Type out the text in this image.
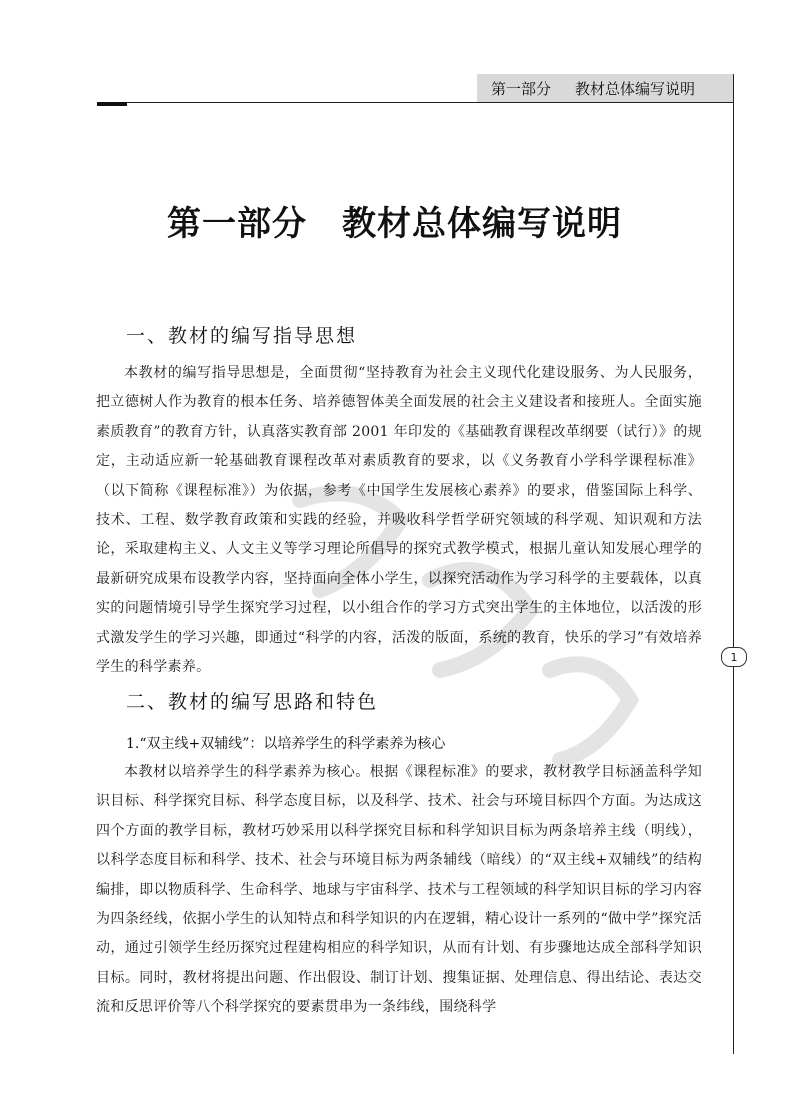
第一部分 教材总体编写说明
1
第一部分　教材总体编写说明
一、教材的编写指导思想
本教材的编写指导思想是，全面贯彻“坚持教育为社会主义现代化建设服务、为人民服务，把立德树人作为教育的根本任务、培养德智体美全面发展的社会主义建设者和接班人。全面实施素质教育”的教育方针，认真落实教育部 2001 年印发的《基础教育课程改革纲要（试行）》的规定，主动适应新一轮基础教育课程改革对素质教育的要求，以《义务教育小学科学课程标准》（以下简称《课程标准》）为依据，参考《中国学生发展核心素养》的要求，借鉴国际上科学、技术、工程、数学教育政策和实践的经验，并吸收科学哲学研究领域的科学观、知识观和方法论，采取建构主义、人文主义等学习理论所倡导的探究式教学模式，根据儿童认知发展心理学的最新研究成果布设教学内容，坚持面向全体小学生，以探究活动作为学习科学的主要载体，以真实的问题情境引导学生探究学习过程，以小组合作的学习方式突出学生的主体地位，以活泼的形式激发学生的学习兴趣，即通过“科学的内容，活泼的版面，系统的教育，快乐的学习”有效培养学生的科学素养。
二、教材的编写思路和特色
1.“双主线+双辅线”：以培养学生的科学素养为核心
本教材以培养学生的科学素养为核心。根据《课程标准》的要求，教材教学目标涵盖科学知识目标、科学探究目标、科学态度目标，以及科学、技术、社会与环境目标四个方面。为达成这四个方面的教学目标，教材巧妙采用以科学探究目标和科学知识目标为两条培养主线（明线），以科学态度目标和科学、技术、社会与环境目标为两条辅线（暗线）的“双主线+双辅线”的结构编排，即以物质科学、生命科学、地球与宇宙科学、技术与工程领域的科学知识目标的学习内容为四条经线，依据小学生的认知特点和科学知识的内在逻辑，精心设计一系列的“做中学”探究活动，通过引领学生经历探究过程建构相应的科学知识，从而有计划、有步骤地达成全部科学知识目标。同时，教材将提出问题、作出假设、制订计划、搜集证据、处理信息、得出结论、表达交流和反思评价等八个科学探究的要素贯串为一条纬线，围绕科学
